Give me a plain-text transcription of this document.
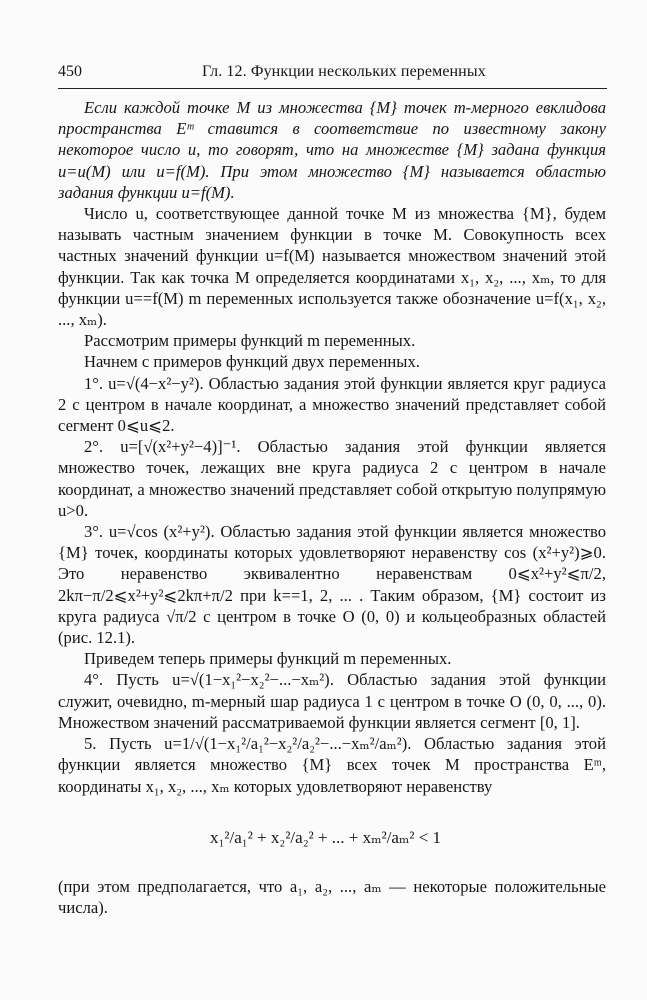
450	Гл. 12. Функции нескольких переменных

Если каждой точке M из множества {M} точек m-мерного евклидова пространства Eᵐ ставится в соответствие по известному закону некоторое число u, то говорят, что на множестве {M} задана функция u=u(M) или u=f(M). При этом множество {M} называется областью задания функции u=f(M).

Число u, соответствующее данной точке M из множества {M}, будем называть частным значением функции в точке M. Совокупность всех частных значений функции u=f(M) называется множеством значений этой функции. Так как точка M определяется координатами x₁, x₂, ..., xₘ, то для функции u==f(M) m переменных используется также обозначение u=f(x₁, x₂, ..., xₘ).

Рассмотрим примеры функций m переменных.

Начнем с примеров функций двух переменных.

1°. u=√(4−x²−y²). Областью задания этой функции является круг радиуса 2 с центром в начале координат, а множество значений представляет собой сегмент 0⩽u⩽2.

2°. u=[√(x²+y²−4)]⁻¹. Областью задания этой функции является множество точек, лежащих вне круга радиуса 2 с центром в начале координат, а множество значений представляет собой открытую полупрямую u>0.

3°. u=√cos (x²+y²). Областью задания этой функции является множество {M} точек, координаты которых удовлетворяют неравенству cos (x²+y²)⩾0. Это неравенство эквивалентно неравенствам 0⩽x²+y²⩽π/2, 2kπ−π/2⩽x²+y²⩽2kπ+π/2 при k==1, 2, ... . Таким образом, {M} состоит из круга радиуса √π/2 с центром в точке O (0, 0) и кольцеобразных областей (рис. 12.1).

Приведем теперь примеры функций m переменных.

4°. Пусть u=√(1−x₁²−x₂²−...−xₘ²). Областью задания этой функции служит, очевидно, m-мерный шар радиуса 1 с центром в точке O (0, 0, ..., 0). Множеством значений рассматриваемой функции является сегмент [0, 1].

5. Пусть u=1/√(1−x₁²/a₁²−x₂²/a₂²−...−xₘ²/aₘ²). Областью задания этой функции является множество {M} всех точек M пространства Eᵐ, координаты x₁, x₂, ..., xₘ которых удовлетворяют неравенству

x₁²/a₁² + x₂²/a₂² + ... + xₘ²/aₘ² < 1

(при этом предполагается, что a₁, a₂, ..., aₘ — некоторые положительные числа).
